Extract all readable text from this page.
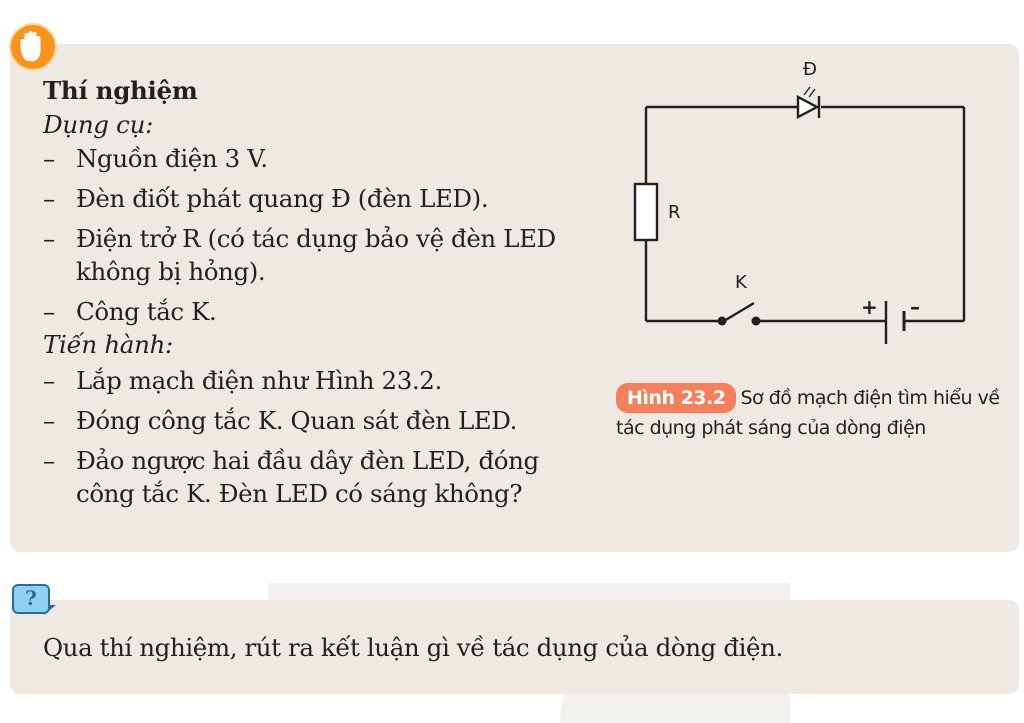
Thí nghiệm
Dụng cụ:
– Nguồn điện 3 V.
– Đèn điốt phát quang Đ (đèn LED).
– Điện trở R (có tác dụng bảo vệ đèn LED không bị hỏng).
– Công tắc K.
Tiến hành:
– Lắp mạch điện như Hình 23.2.
– Đóng công tắc K. Quan sát đèn LED.
– Đảo ngược hai đầu dây đèn LED, đóng công tắc K. Đèn LED có sáng không?
Đ
R
K
+ –
Hình 23.2 Sơ đồ mạch điện tìm hiểu về tác dụng phát sáng của dòng điện
?
Qua thí nghiệm, rút ra kết luận gì về tác dụng của dòng điện.
